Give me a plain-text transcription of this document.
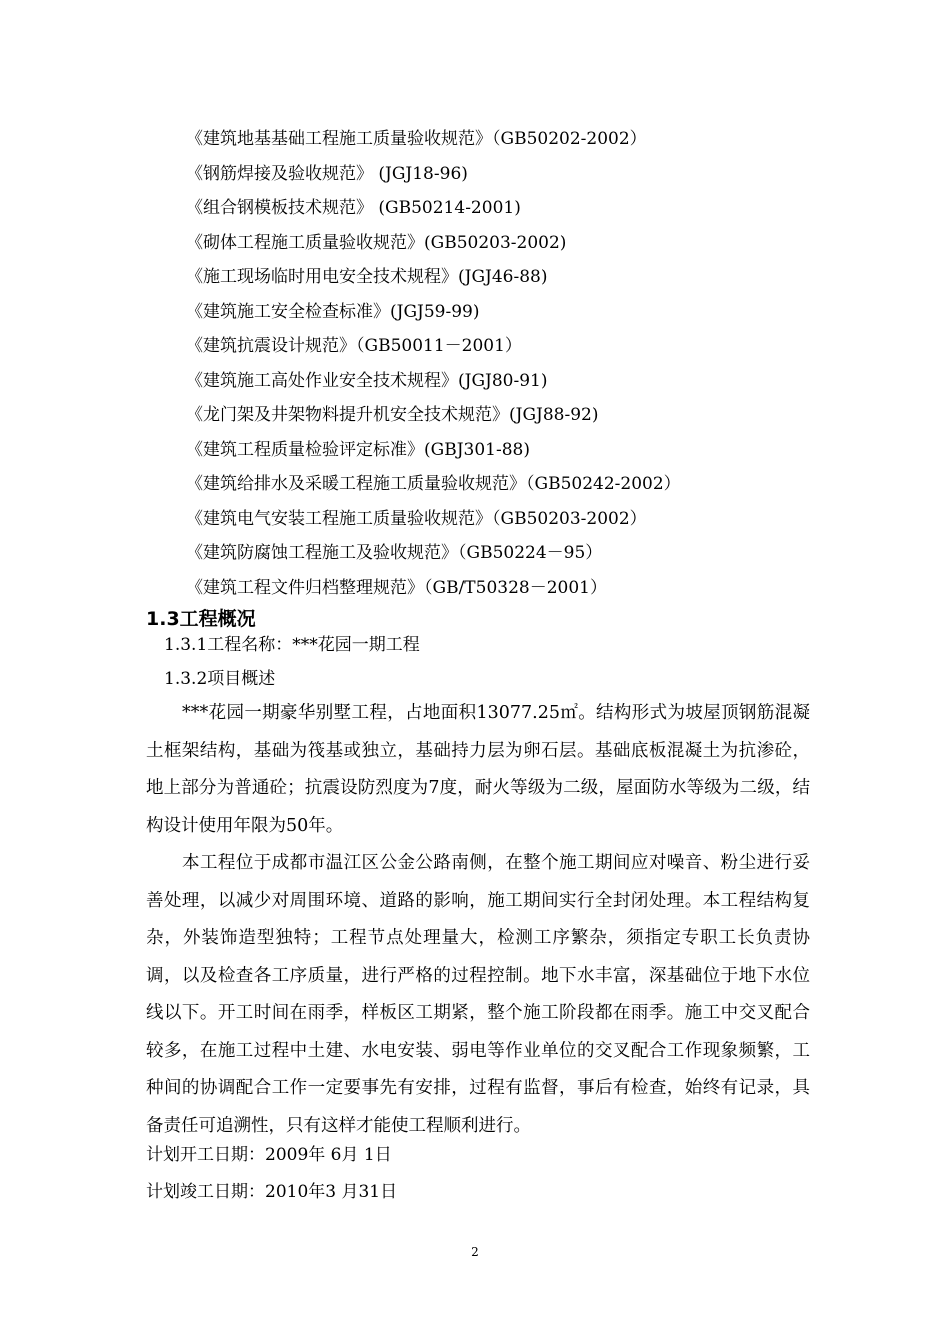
《建筑地基基础工程施工质量验收规范》（GB50202-2002）
《钢筋焊接及验收规范》 (JGJ18-96)
《组合钢模板技术规范》 (GB50214-2001)
《砌体工程施工质量验收规范》(GB50203-2002)
《施工现场临时用电安全技术规程》(JGJ46-88)
《建筑施工安全检查标准》(JGJ59-99)
《建筑抗震设计规范》（GB50011－2001）
《建筑施工高处作业安全技术规程》(JGJ80-91)
《龙门架及井架物料提升机安全技术规范》(JGJ88-92)
《建筑工程质量检验评定标准》(GBJ301-88)
《建筑给排水及采暖工程施工质量验收规范》（GB50242-2002）
《建筑电气安装工程施工质量验收规范》（GB50203-2002）
《建筑防腐蚀工程施工及验收规范》（GB50224－95）
《建筑工程文件归档整理规范》（GB/T50328－2001）
1.3工程概况
1.3.1工程名称：***花园一期工程
1.3.2项目概述

***花园一期豪华别墅工程，占地面积13077.25㎡。结构形式为坡屋顶钢筋混凝土框架结构，基础为筏基或独立，基础持力层为卵石层。基础底板混凝土为抗渗砼，地上部分为普通砼；抗震设防烈度为7度，耐火等级为二级，屋面防水等级为二级，结构设计使用年限为50年。

本工程位于成都市温江区公金公路南侧，在整个施工期间应对噪音、粉尘进行妥善处理，以减少对周围环境、道路的影响，施工期间实行全封闭处理。本工程结构复杂，外装饰造型独特；工程节点处理量大，检测工序繁杂，须指定专职工长负责协调，以及检查各工序质量，进行严格的过程控制。地下水丰富，深基础位于地下水位线以下。开工时间在雨季，样板区工期紧，整个施工阶段都在雨季。施工中交叉配合较多，在施工过程中土建、水电安装、弱电等作业单位的交叉配合工作现象频繁，工种间的协调配合工作一定要事先有安排，过程有监督，事后有检查，始终有记录，具备责任可追溯性，只有这样才能使工程顺利进行。

计划开工日期：2009年 6月 1日
计划竣工日期：2010年3 月31日
2
